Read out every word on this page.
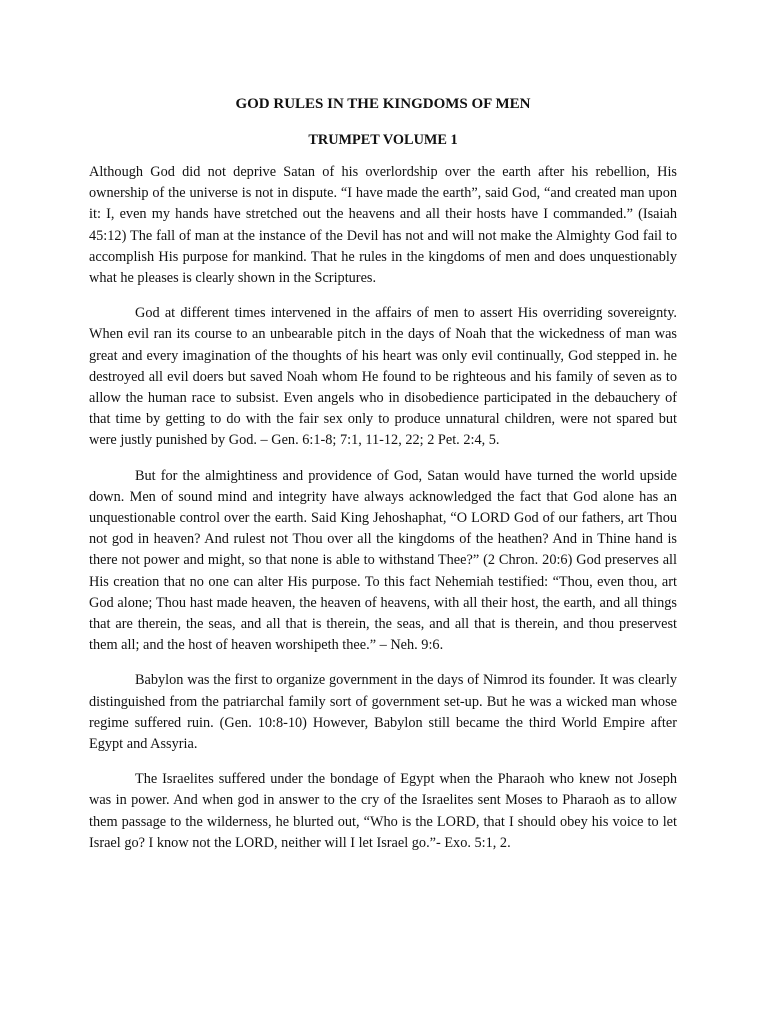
GOD RULES IN THE KINGDOMS OF MEN
TRUMPET VOLUME 1

Although God did not deprive Satan of his overlordship over the earth after his rebellion, His ownership of the universe is not in dispute. “I have made the earth”, said God, “and created man upon it: I, even my hands have stretched out the heavens and all their hosts have I commanded.” (Isaiah 45:12) The fall of man at the instance of the Devil has not and will not make the Almighty God fail to accomplish His purpose for mankind. That he rules in the kingdoms of men and does unquestionably what he pleases is clearly shown in the Scriptures.

God at different times intervened in the affairs of men to assert His overriding sovereignty. When evil ran its course to an unbearable pitch in the days of Noah that the wickedness of man was great and every imagination of the thoughts of his heart was only evil continually, God stepped in. he destroyed all evil doers but saved Noah whom He found to be righteous and his family of seven as to allow the human race to subsist. Even angels who in disobedience participated in the debauchery of that time by getting to do with the fair sex only to produce unnatural children, were not spared but were justly punished by God. – Gen. 6:1-8; 7:1, 11-12, 22; 2 Pet. 2:4, 5.

But for the almightiness and providence of God, Satan would have turned the world upside down. Men of sound mind and integrity have always acknowledged the fact that God alone has an unquestionable control over the earth. Said King Jehoshaphat, “O LORD God of our fathers, art Thou not god in heaven? And rulest not Thou over all the kingdoms of the heathen? And in Thine hand is there not power and might, so that none is able to withstand Thee?” (2 Chron. 20:6) God preserves all His creation that no one can alter His purpose. To this fact Nehemiah testified: “Thou, even thou, art God alone; Thou hast made heaven, the heaven of heavens, with all their host, the earth, and all things that are therein, the seas, and all that is therein, the seas, and all that is therein, and thou preservest them all; and the host of heaven worshipeth thee.” – Neh. 9:6.

Babylon was the first to organize government in the days of Nimrod its founder. It was clearly distinguished from the patriarchal family sort of government set-up. But he was a wicked man whose regime suffered ruin. (Gen. 10:8-10) However, Babylon still became the third World Empire after Egypt and Assyria.

The Israelites suffered under the bondage of Egypt when the Pharaoh who knew not Joseph was in power. And when god in answer to the cry of the Israelites sent Moses to Pharaoh as to allow them passage to the wilderness, he blurted out, “Who is the LORD, that I should obey his voice to let Israel go? I know not the LORD, neither will I let Israel go.”- Exo. 5:1, 2.
